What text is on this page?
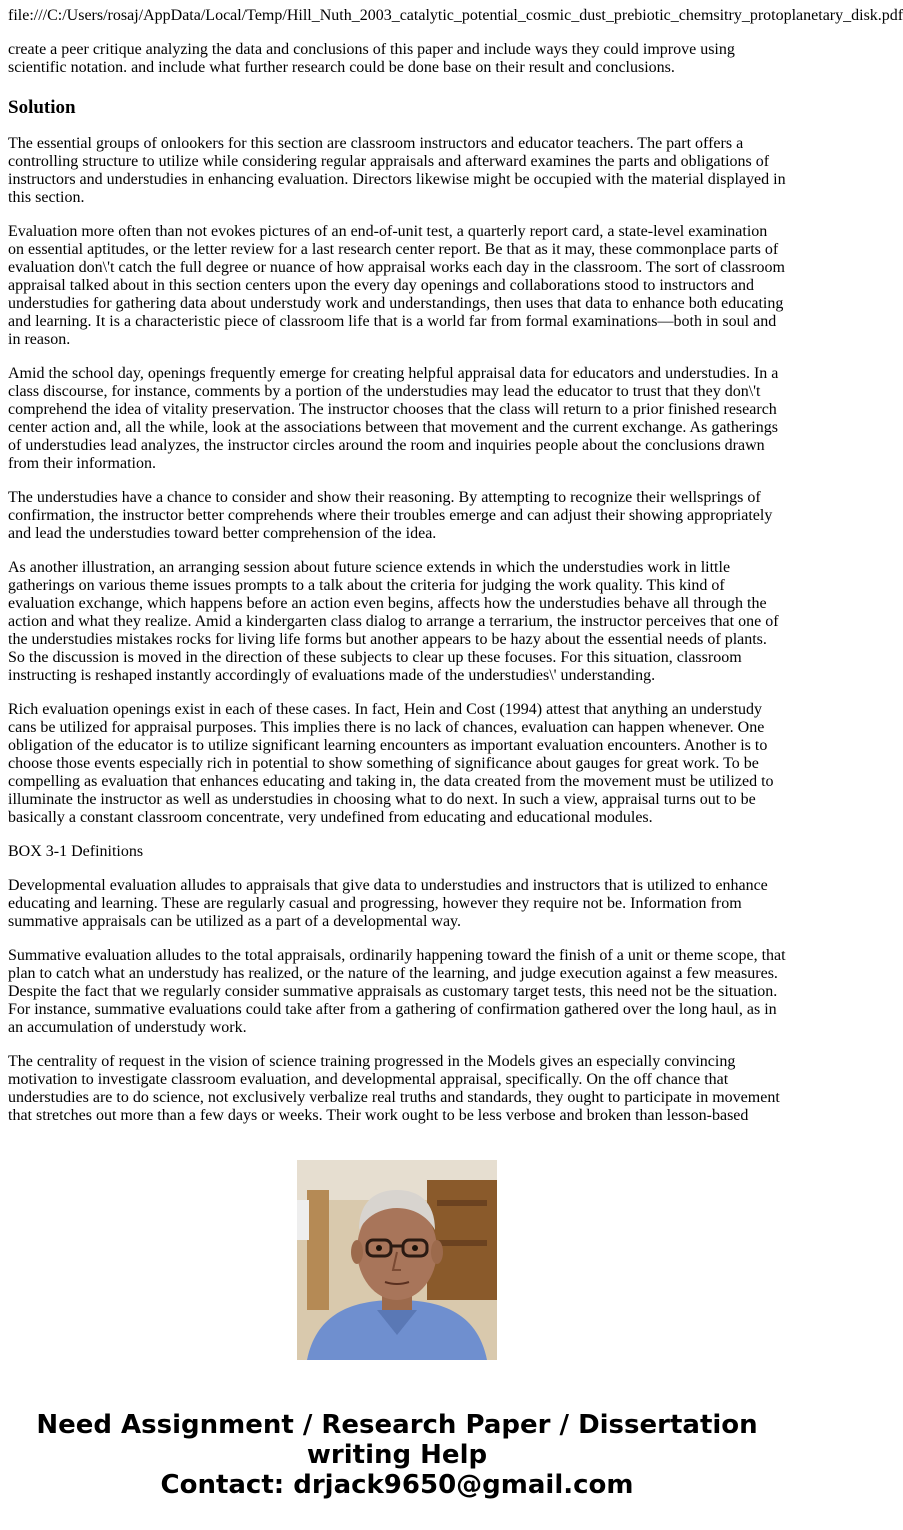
file:///C:/Users/rosaj/AppData/Local/Temp/Hill_Nuth_2003_catalytic_potential_cosmic_dust_prebiotic_chemsitry_protoplanetary_disk.pdf

create a peer critique analyzing the data and conclusions of this paper and include ways they could improve using scientific notation. and include what further research could be done base on their result and conclusions.

Solution

The essential groups of onlookers for this section are classroom instructors and educator teachers. The part offers a controlling structure to utilize while considering regular appraisals and afterward examines the parts and obligations of instructors and understudies in enhancing evaluation. Directors likewise might be occupied with the material displayed in this section.

Evaluation more often than not evokes pictures of an end-of-unit test, a quarterly report card, a state-level examination on essential aptitudes, or the letter review for a last research center report. Be that as it may, these commonplace parts of evaluation don\'t catch the full degree or nuance of how appraisal works each day in the classroom. The sort of classroom appraisal talked about in this section centers upon the every day openings and collaborations stood to instructors and understudies for gathering data about understudy work and understandings, then uses that data to enhance both educating and learning. It is a characteristic piece of classroom life that is a world far from formal examinations—both in soul and in reason.

Amid the school day, openings frequently emerge for creating helpful appraisal data for educators and understudies. In a class discourse, for instance, comments by a portion of the understudies may lead the educator to trust that they don\'t comprehend the idea of vitality preservation. The instructor chooses that the class will return to a prior finished research center action and, all the while, look at the associations between that movement and the current exchange. As gatherings of understudies lead analyzes, the instructor circles around the room and inquiries people about the conclusions drawn from their information.

The understudies have a chance to consider and show their reasoning. By attempting to recognize their wellsprings of confirmation, the instructor better comprehends where their troubles emerge and can adjust their showing appropriately and lead the understudies toward better comprehension of the idea.

As another illustration, an arranging session about future science extends in which the understudies work in little gatherings on various theme issues prompts to a talk about the criteria for judging the work quality. This kind of evaluation exchange, which happens before an action even begins, affects how the understudies behave all through the action and what they realize. Amid a kindergarten class dialog to arrange a terrarium, the instructor perceives that one of the understudies mistakes rocks for living life forms but another appears to be hazy about the essential needs of plants. So the discussion is moved in the direction of these subjects to clear up these focuses. For this situation, classroom instructing is reshaped instantly accordingly of evaluations made of the understudies\' understanding.

Rich evaluation openings exist in each of these cases. In fact, Hein and Cost (1994) attest that anything an understudy cans be utilized for appraisal purposes. This implies there is no lack of chances, evaluation can happen whenever. One obligation of the educator is to utilize significant learning encounters as important evaluation encounters. Another is to choose those events especially rich in potential to show something of significance about gauges for great work. To be compelling as evaluation that enhances educating and taking in, the data created from the movement must be utilized to illuminate the instructor as well as understudies in choosing what to do next. In such a view, appraisal turns out to be basically a constant classroom concentrate, very undefined from educating and educational modules.

BOX 3-1 Definitions

Developmental evaluation alludes to appraisals that give data to understudies and instructors that is utilized to enhance educating and learning. These are regularly casual and progressing, however they require not be. Information from summative appraisals can be utilized as a part of a developmental way.

Summative evaluation alludes to the total appraisals, ordinarily happening toward the finish of a unit or theme scope, that plan to catch what an understudy has realized, or the nature of the learning, and judge execution against a few measures. Despite the fact that we regularly consider summative appraisals as customary target tests, this need not be the situation. For instance, summative evaluations could take after from a gathering of confirmation gathered over the long haul, as in an accumulation of understudy work.

The centrality of request in the vision of science training progressed in the Models gives an especially convincing motivation to investigate classroom evaluation, and developmental appraisal, specifically. On the off chance that understudies are to do science, not exclusively verbalize real truths and standards, they ought to participate in movement that stretches out more than a few days or weeks. Their work ought to be less verbose and broken than lesson-based

Need Assignment / Research Paper / Dissertation
writing Help
Contact: drjack9650@gmail.com
